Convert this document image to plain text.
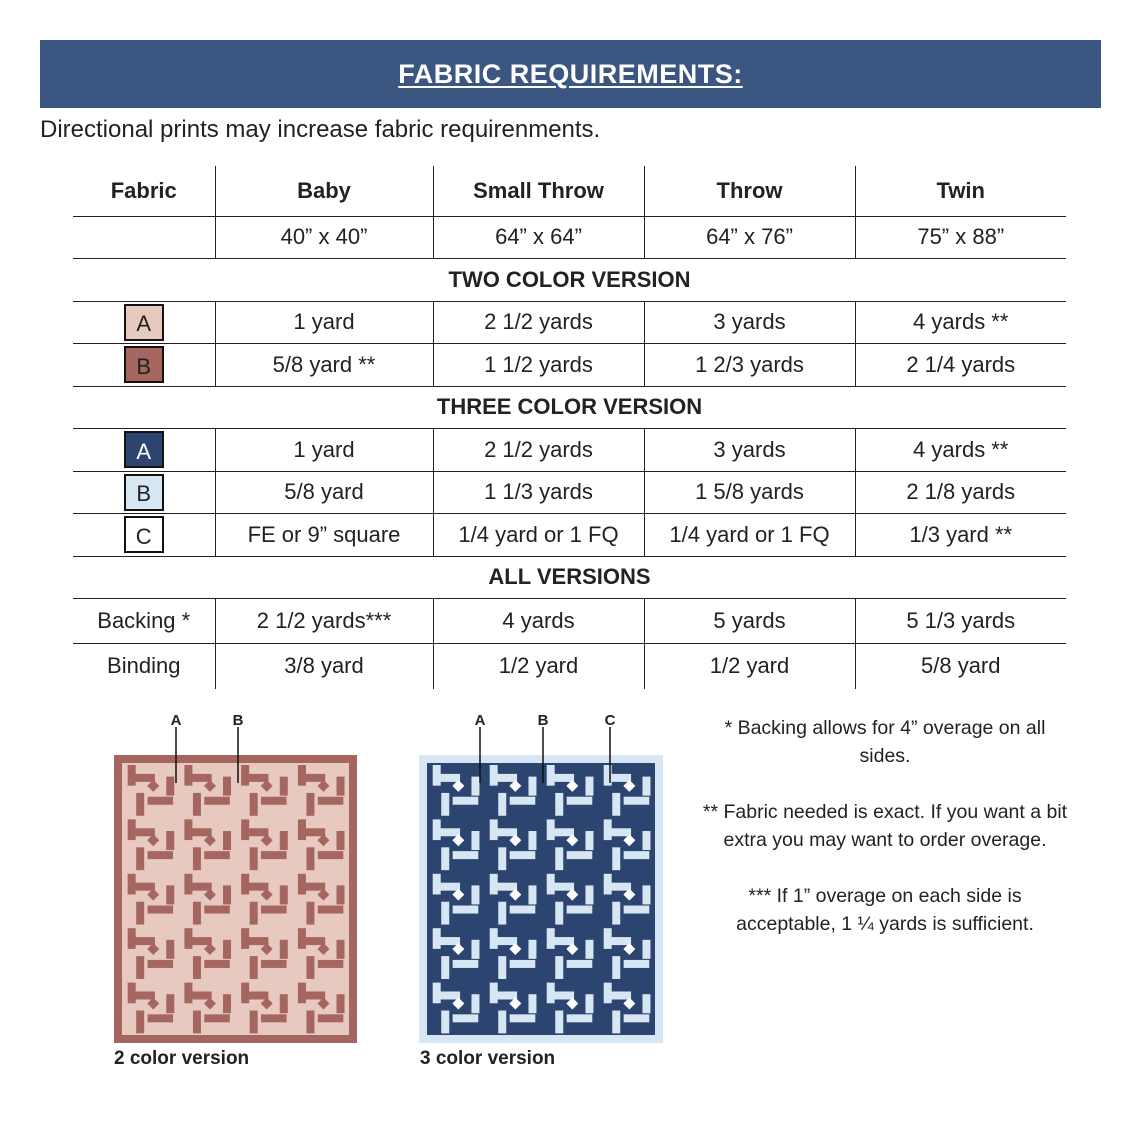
FABRIC REQUIREMENTS:
Directional prints may increase fabric requirenments.
Fabric	Baby	Small Throw	Throw	Twin
	40” x 40”	64” x 64”	64” x 76”	75” x 88”
TWO COLOR VERSION				
A	1 yard	2 1/2 yards	3 yards	4 yards **
B	5/8 yard **	1 1/2 yards	1 2/3 yards	2 1/4 yards
THREE COLOR VERSION				
A	1 yard	2 1/2 yards	3 yards	4 yards **
B	5/8 yard	1 1/3 yards	1 5/8 yards	2 1/8 yards
C	FE or 9” square	1/4 yard or 1 FQ	1/4 yard or 1 FQ	1/3 yard **
ALL VERSIONS				
Backing *	2 1/2 yards***	4 yards	5 yards	5 1/3 yards
Binding	3/8 yard	1/2 yard	1/2 yard	5/8 yard
A	B	A	B	C
2 color version	3 color version

* Backing allows for 4” overage on all sides.

** Fabric needed is exact. If you want a bit extra you may want to order overage.

*** If 1” overage on each side is acceptable, 1 ¼ yards is sufficient.
